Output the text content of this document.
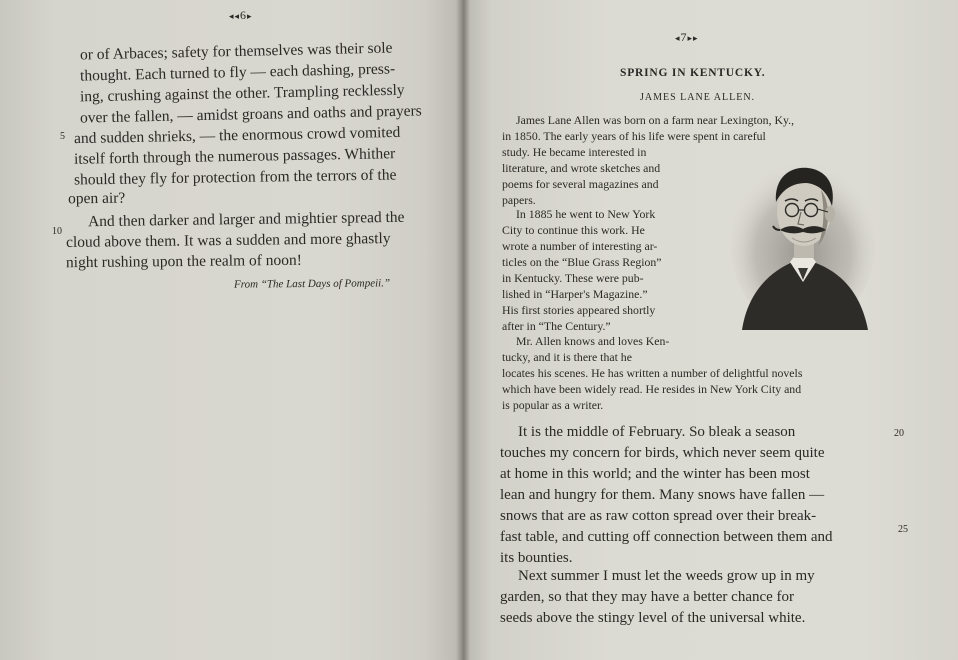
◂◂6▸
or of Arbaces; safety for themselves was their sole
thought. Each turned to fly — each dashing, press-
ing, crushing against the other. Trampling recklessly
over the fallen, — amidst groans and oaths and prayers
and sudden shrieks, — the enormous crowd vomited
itself forth through the numerous passages. Whither
should they fly for protection from the terrors of the
open air?
And then darker and larger and mightier spread the
cloud above them. It was a sudden and more ghastly
night rushing upon the realm of noon!
5
10
From “The Last Days of Pompeii.”
◂7▸▸
SPRING IN KENTUCKY.
JAMES LANE ALLEN.
James Lane Allen was born on a farm near Lexington, Ky.,
in 1850. The early years of his life were spent in careful
study. He became interested in
literature, and wrote sketches and
poems for several magazines and
papers.
In 1885 he went to New York
City to continue this work. He
wrote a number of interesting ar-
ticles on the “Blue Grass Region”
in Kentucky. These were pub-
lished in “Harper's Magazine.”
His first stories appeared shortly
after in “The Century.”
Mr. Allen knows and loves Ken-
tucky, and it is there that he
locates his scenes. He has written a number of delightful novels
which have been widely read. He resides in New York City and
is popular as a writer.
It is the middle of February. So bleak a season
touches my concern for birds, which never seem quite
at home in this world; and the winter has been most
lean and hungry for them. Many snows have fallen —
snows that are as raw cotton spread over their break-
fast table, and cutting off connection between them and
its bounties.
Next summer I must let the weeds grow up in my
garden, so that they may have a better chance for
seeds above the stingy level of the universal white.
20
25
